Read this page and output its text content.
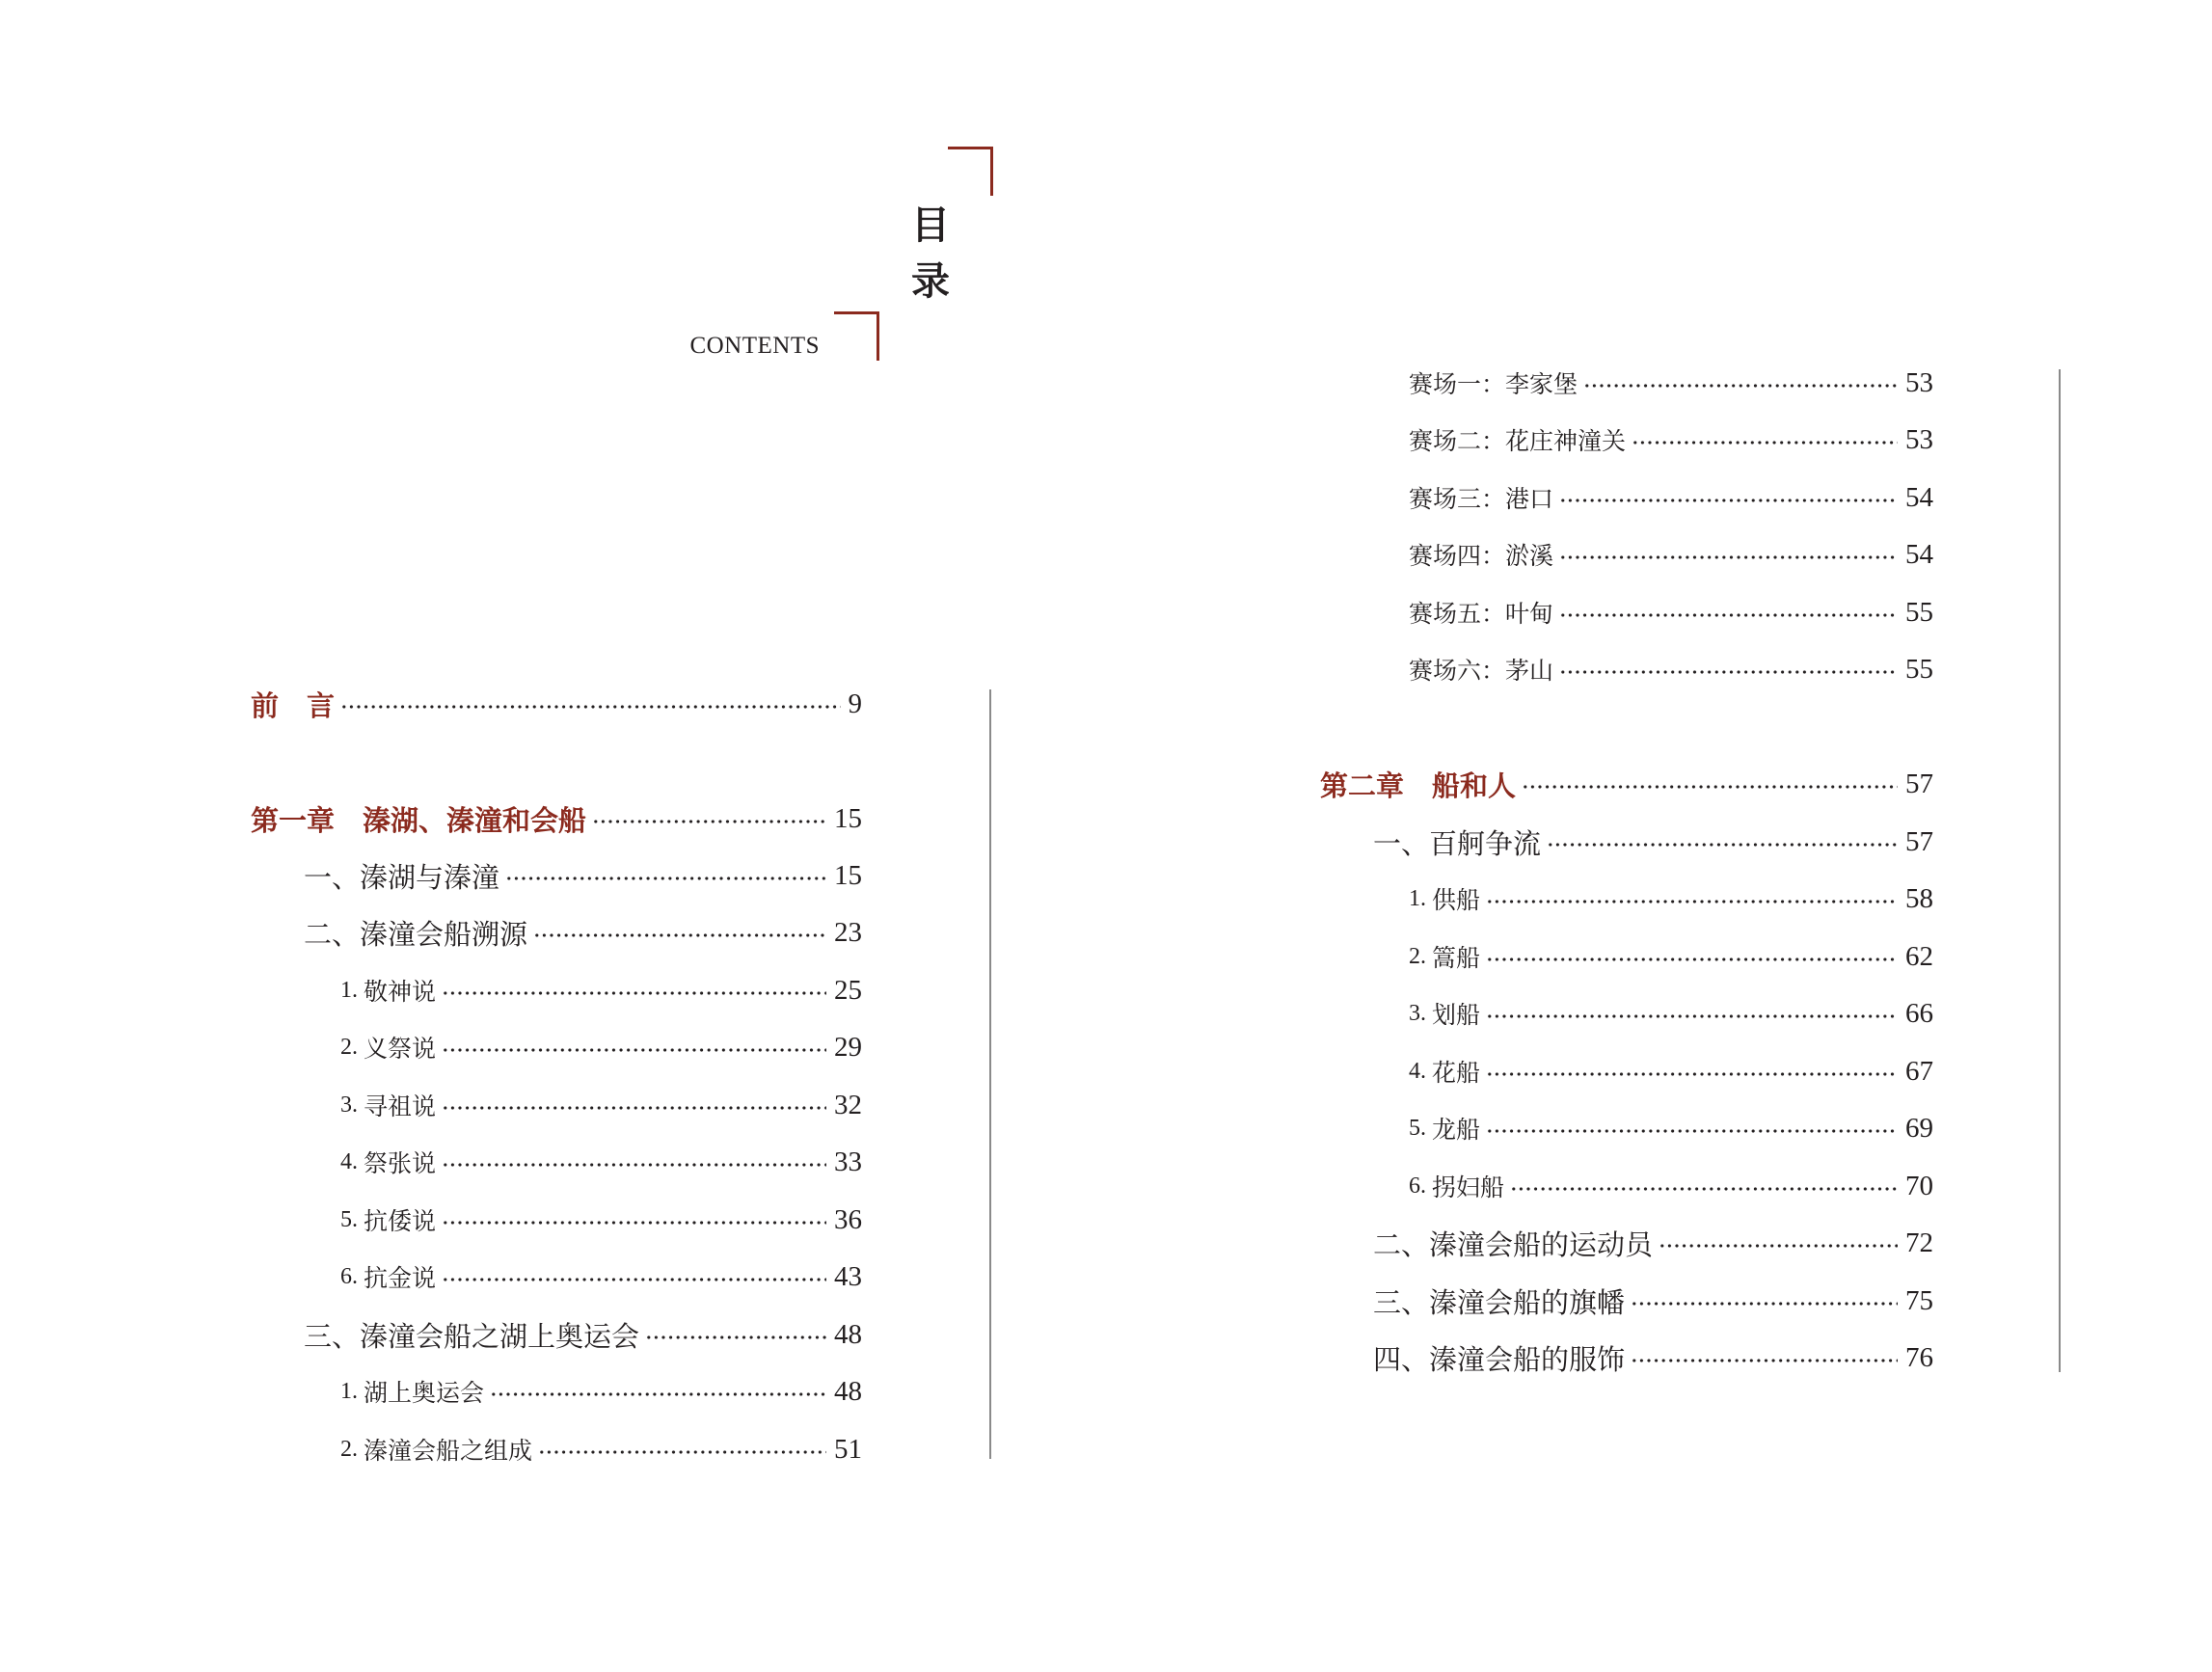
目
录
CONTENTS
前　言	9
第一章　溱湖、溱潼和会船	15
一、溱湖与溱潼	15
二、溱潼会船溯源	23
1. 敬神说	25
2. 义祭说	29
3. 寻祖说	32
4. 祭张说	33
5. 抗倭说	36
6. 抗金说	43
三、溱潼会船之湖上奥运会	48
1. 湖上奥运会	48
2. 溱潼会船之组成	51
赛场一：李家堡	53
赛场二：花庄神潼关	53
赛场三：港口	54
赛场四：淤溪	54
赛场五：叶甸	55
赛场六：茅山	55
第二章　船和人	57
一、百舸争流	57
1. 供船	58
2. 篙船	62
3. 划船	66
4. 花船	67
5. 龙船	69
6. 拐妇船	70
二、溱潼会船的运动员	72
三、溱潼会船的旗幡	75
四、溱潼会船的服饰	76
